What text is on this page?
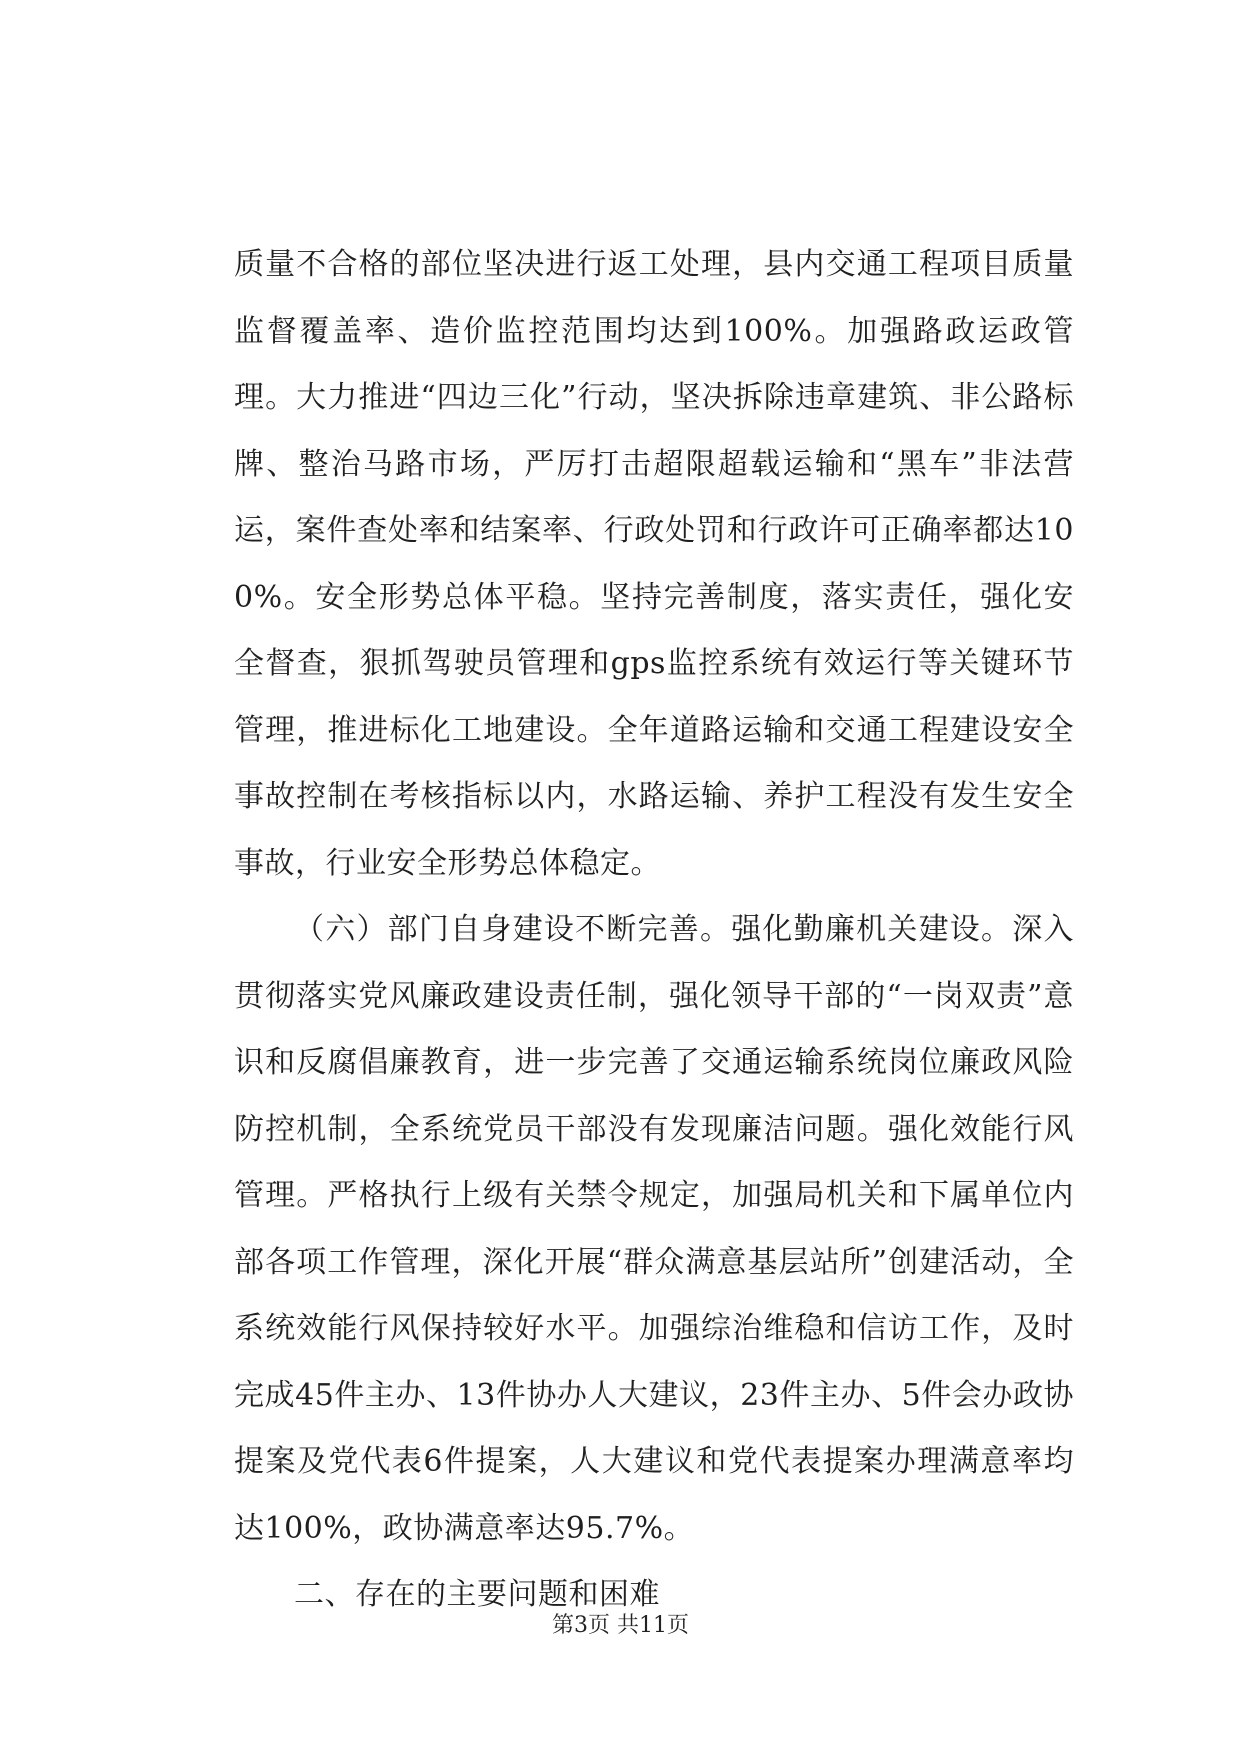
质量不合格的部位坚决进行返工处理，县内交通工程项目质量监督覆盖率、造价监控范围均达到100%。加强路政运政管理。大力推进“四边三化”行动，坚决拆除违章建筑、非公路标牌、整治马路市场，严厉打击超限超载运输和“黑车”非法营运，案件查处率和结案率、行政处罚和行政许可正确率都达100%。安全形势总体平稳。坚持完善制度，落实责任，强化安全督查，狠抓驾驶员管理和gps监控系统有效运行等关键环节管理，推进标化工地建设。全年道路运输和交通工程建设安全事故控制在考核指标以内，水路运输、养护工程没有发生安全事故，行业安全形势总体稳定。

（六）部门自身建设不断完善。强化勤廉机关建设。深入贯彻落实党风廉政建设责任制，强化领导干部的“一岗双责”意识和反腐倡廉教育，进一步完善了交通运输系统岗位廉政风险防控机制，全系统党员干部没有发现廉洁问题。强化效能行风管理。严格执行上级有关禁令规定，加强局机关和下属单位内部各项工作管理，深化开展“群众满意基层站所”创建活动，全系统效能行风保持较好水平。加强综治维稳和信访工作，及时完成45件主办、13件协办人大建议，23件主办、5件会办政协提案及党代表6件提案，人大建议和党代表提案办理满意率均达100%，政协满意率达95.7%。

二、存在的主要问题和困难

第3页 共11页
